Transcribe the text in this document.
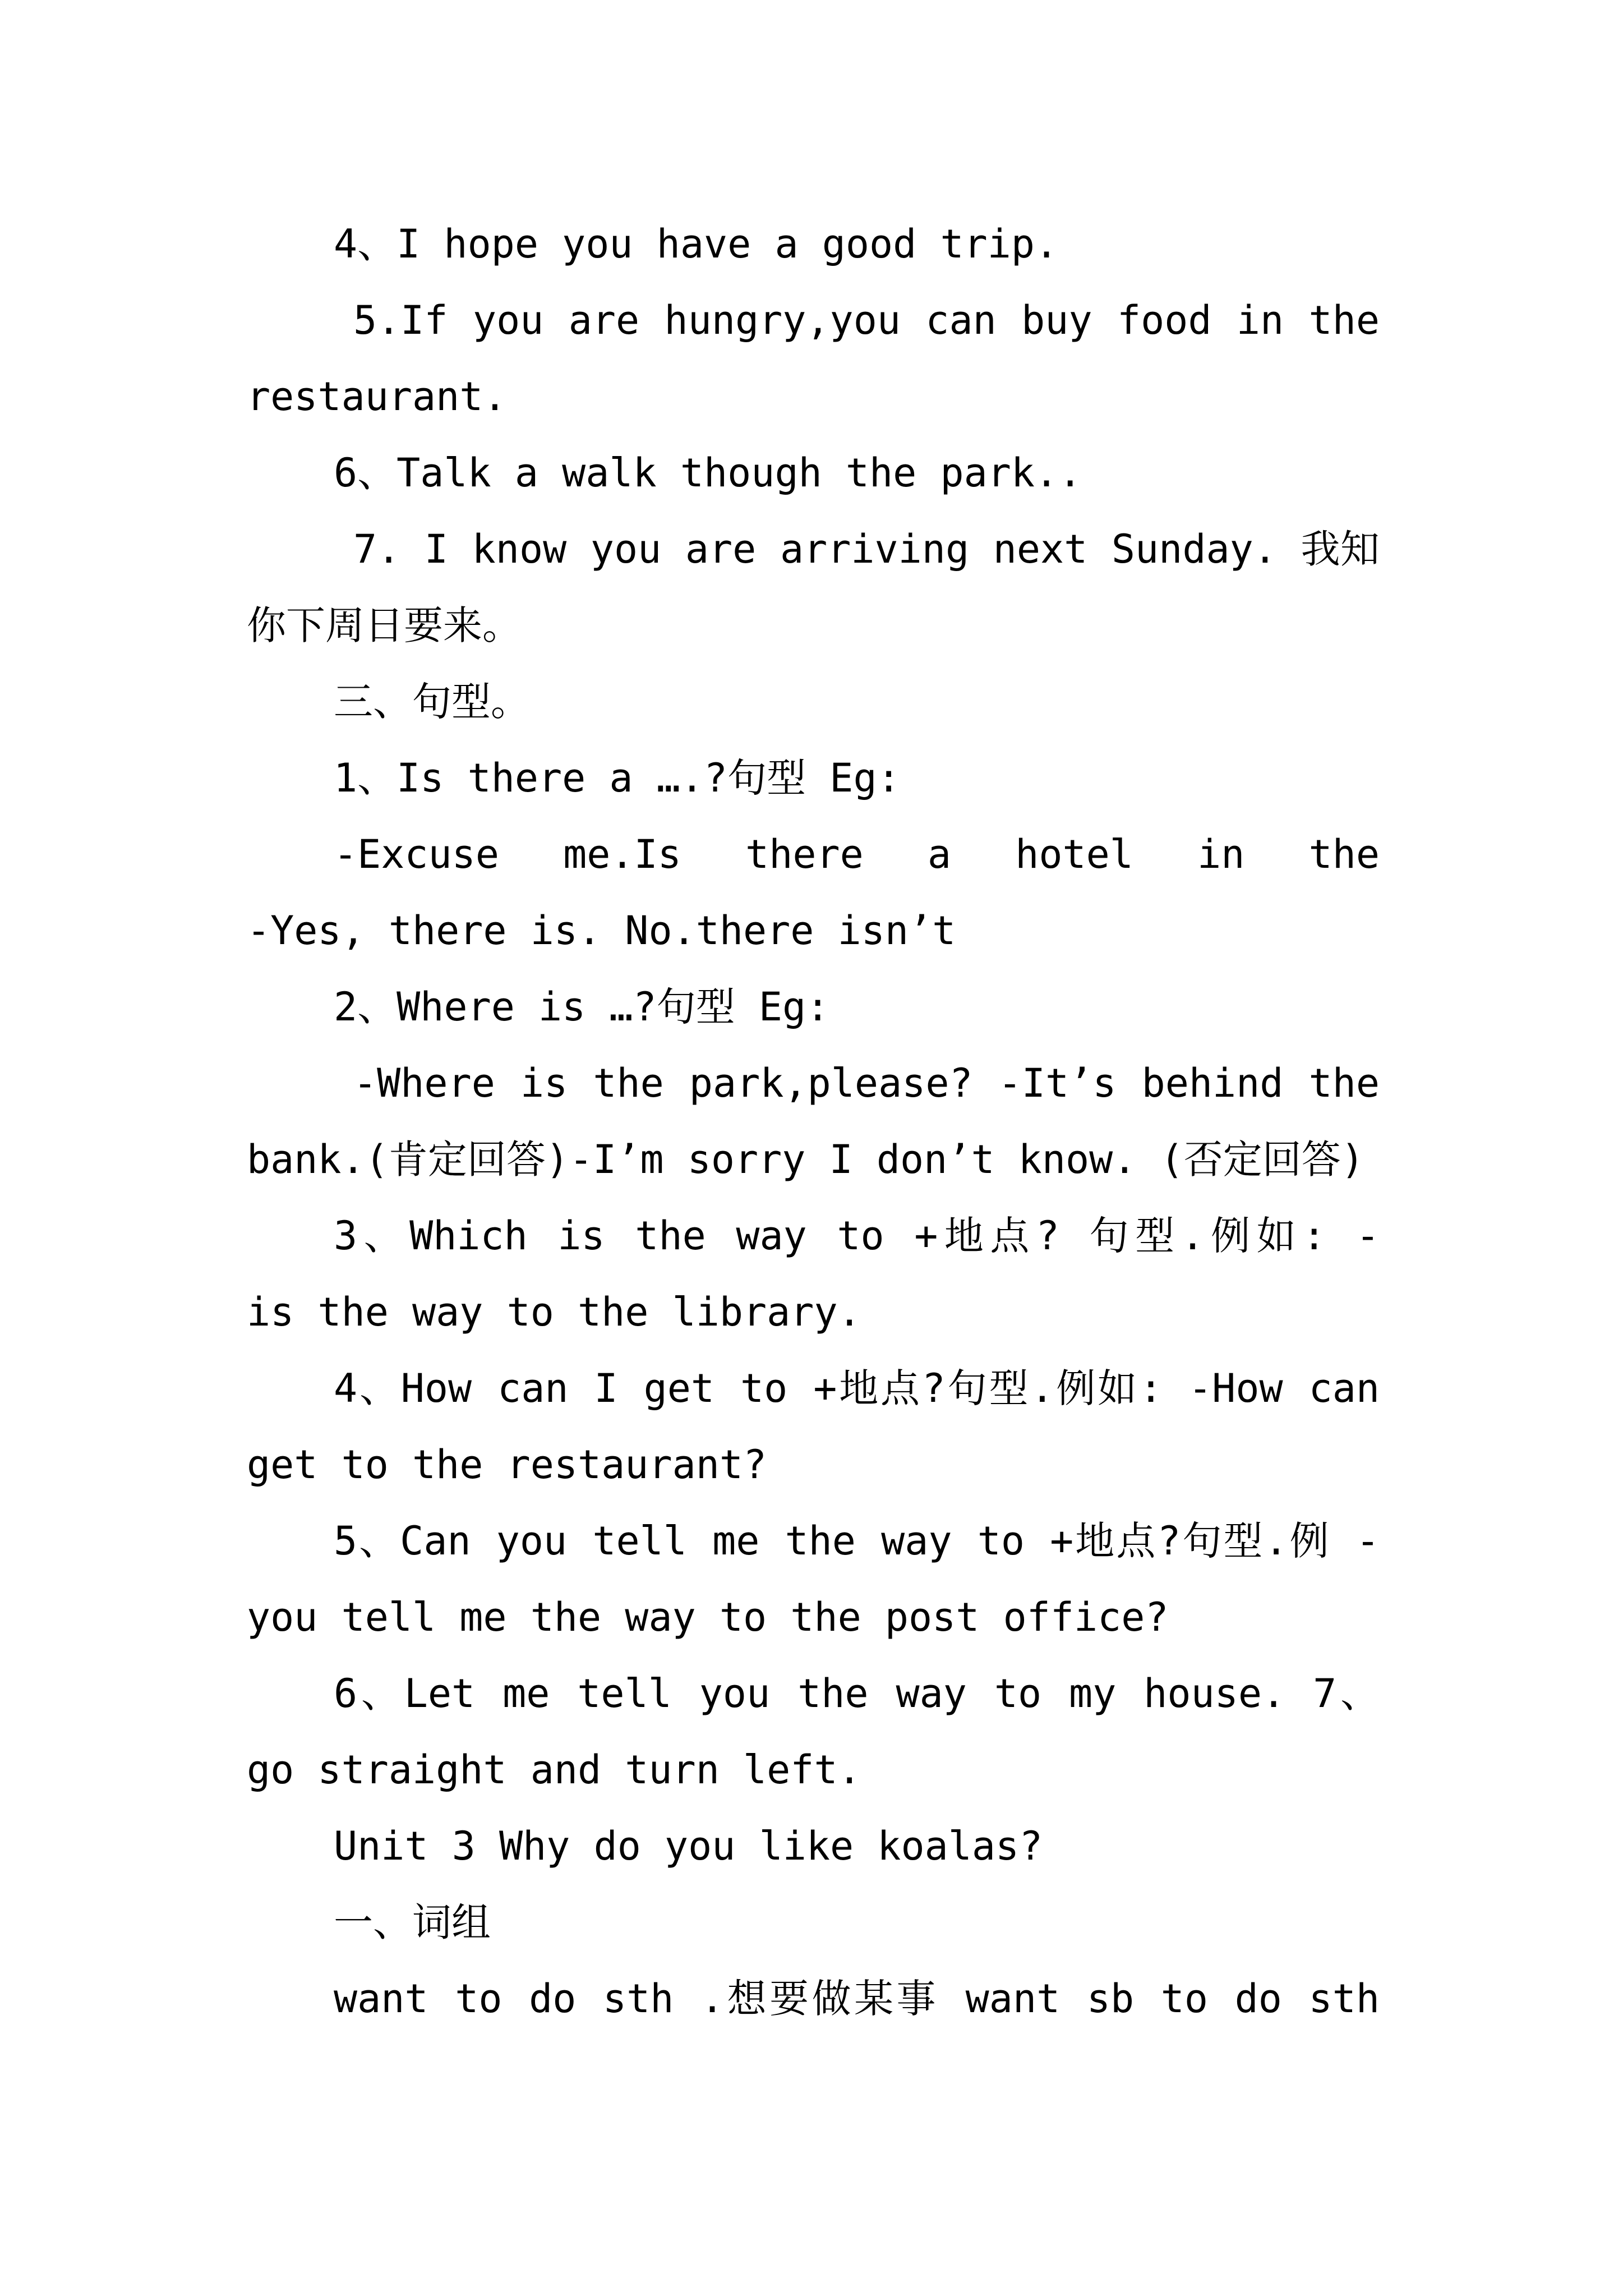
4、I hope you have a good trip.
5.If you are hungry,you can buy food in the
restaurant.
6、Talk a walk though the park..
7. I know you are arriving next Sunday. 我知
你下周日要来。
三、句型。
1、Is there a ….?句型 Eg:
-Excuse me.Is there a hotel in the
-Yes, there is. No.there isn’t
2、Where is …?句型 Eg:
-Where is the park,please? -It’s behind the
bank.(肯定回答)-I’m sorry I don’t know. (否定回答)
3、Which is the way to +地点? 句型.例如: -
is the way to the library.
4、How can I get to +地点?句型.例如: -How can
get to the restaurant?
5、Can you tell me the way to +地点?句型.例 -
you tell me the way to the post office?
6、Let me tell you the way to my house. 7、
go straight and turn left.
Unit 3 Why do you like koalas?
一、词组
want to do sth .想要做某事 want sb to do sth
